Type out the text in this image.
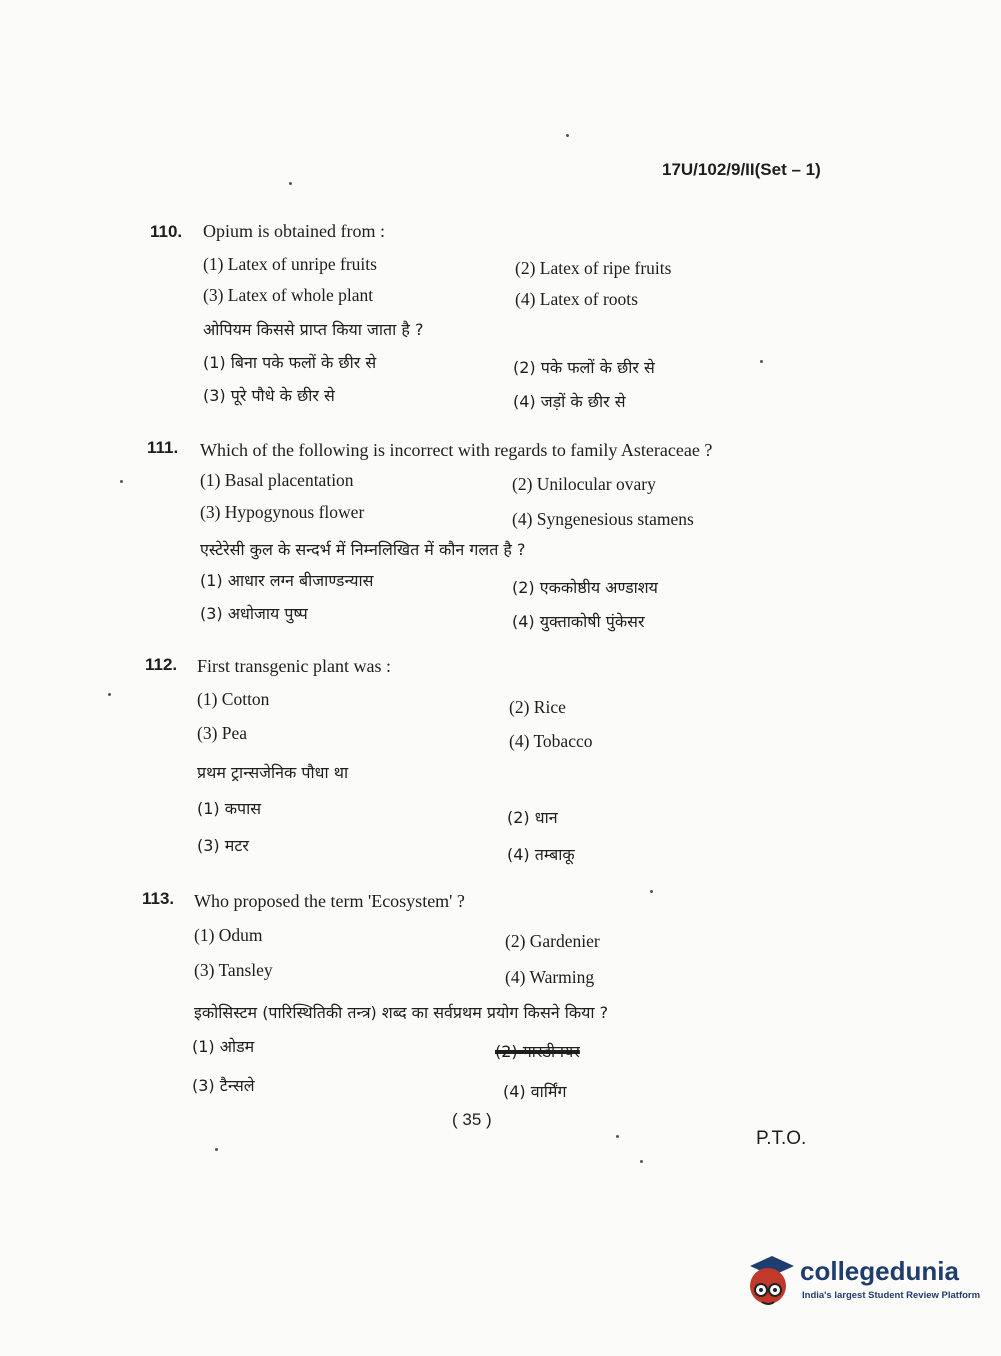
17U/102/9/II(Set – 1)
110. Opium is obtained from :
(1) Latex of unripe fruits	(2) Latex of ripe fruits
(3) Latex of whole plant	(4) Latex of roots
ओपियम किससे प्राप्त किया जाता है ?
(1) बिना पके फलों के छीर से	(2) पके फलों के छीर से
(3) पूरे पौधे के छीर से	(4) जड़ों के छीर से
111. Which of the following is incorrect with regards to family Asteraceae ?
(1) Basal placentation	(2) Unilocular ovary
(3) Hypogynous flower	(4) Syngenesious stamens
एस्टेरेसी कुल के सन्दर्भ में निम्नलिखित में कौन गलत है ?
(1) आधार लग्न बीजाण्डन्यास	(2) एककोष्ठीय अण्डाशय
(3) अधोजाय पुष्प	(4) युक्ताकोषी पुंकेसर
112. First transgenic plant was :
(1) Cotton	(2) Rice
(3) Pea	(4) Tobacco
प्रथम ट्रान्सजेनिक पौधा था
(1) कपास	(2) धान
(3) मटर	(4) तम्बाकू
113. Who proposed the term 'Ecosystem' ?
(1) Odum	(2) Gardenier
(3) Tansley	(4) Warming
इकोसिस्टम (पारिस्थितिकी तन्त्र) शब्द का सर्वप्रथम प्रयोग किसने किया ?
(1) ओडम	(2) गारडीनयर
(3) टैन्सले	(4) वार्मिंग
( 35 )
P.T.O.
collegedunia
India's largest Student Review Platform
